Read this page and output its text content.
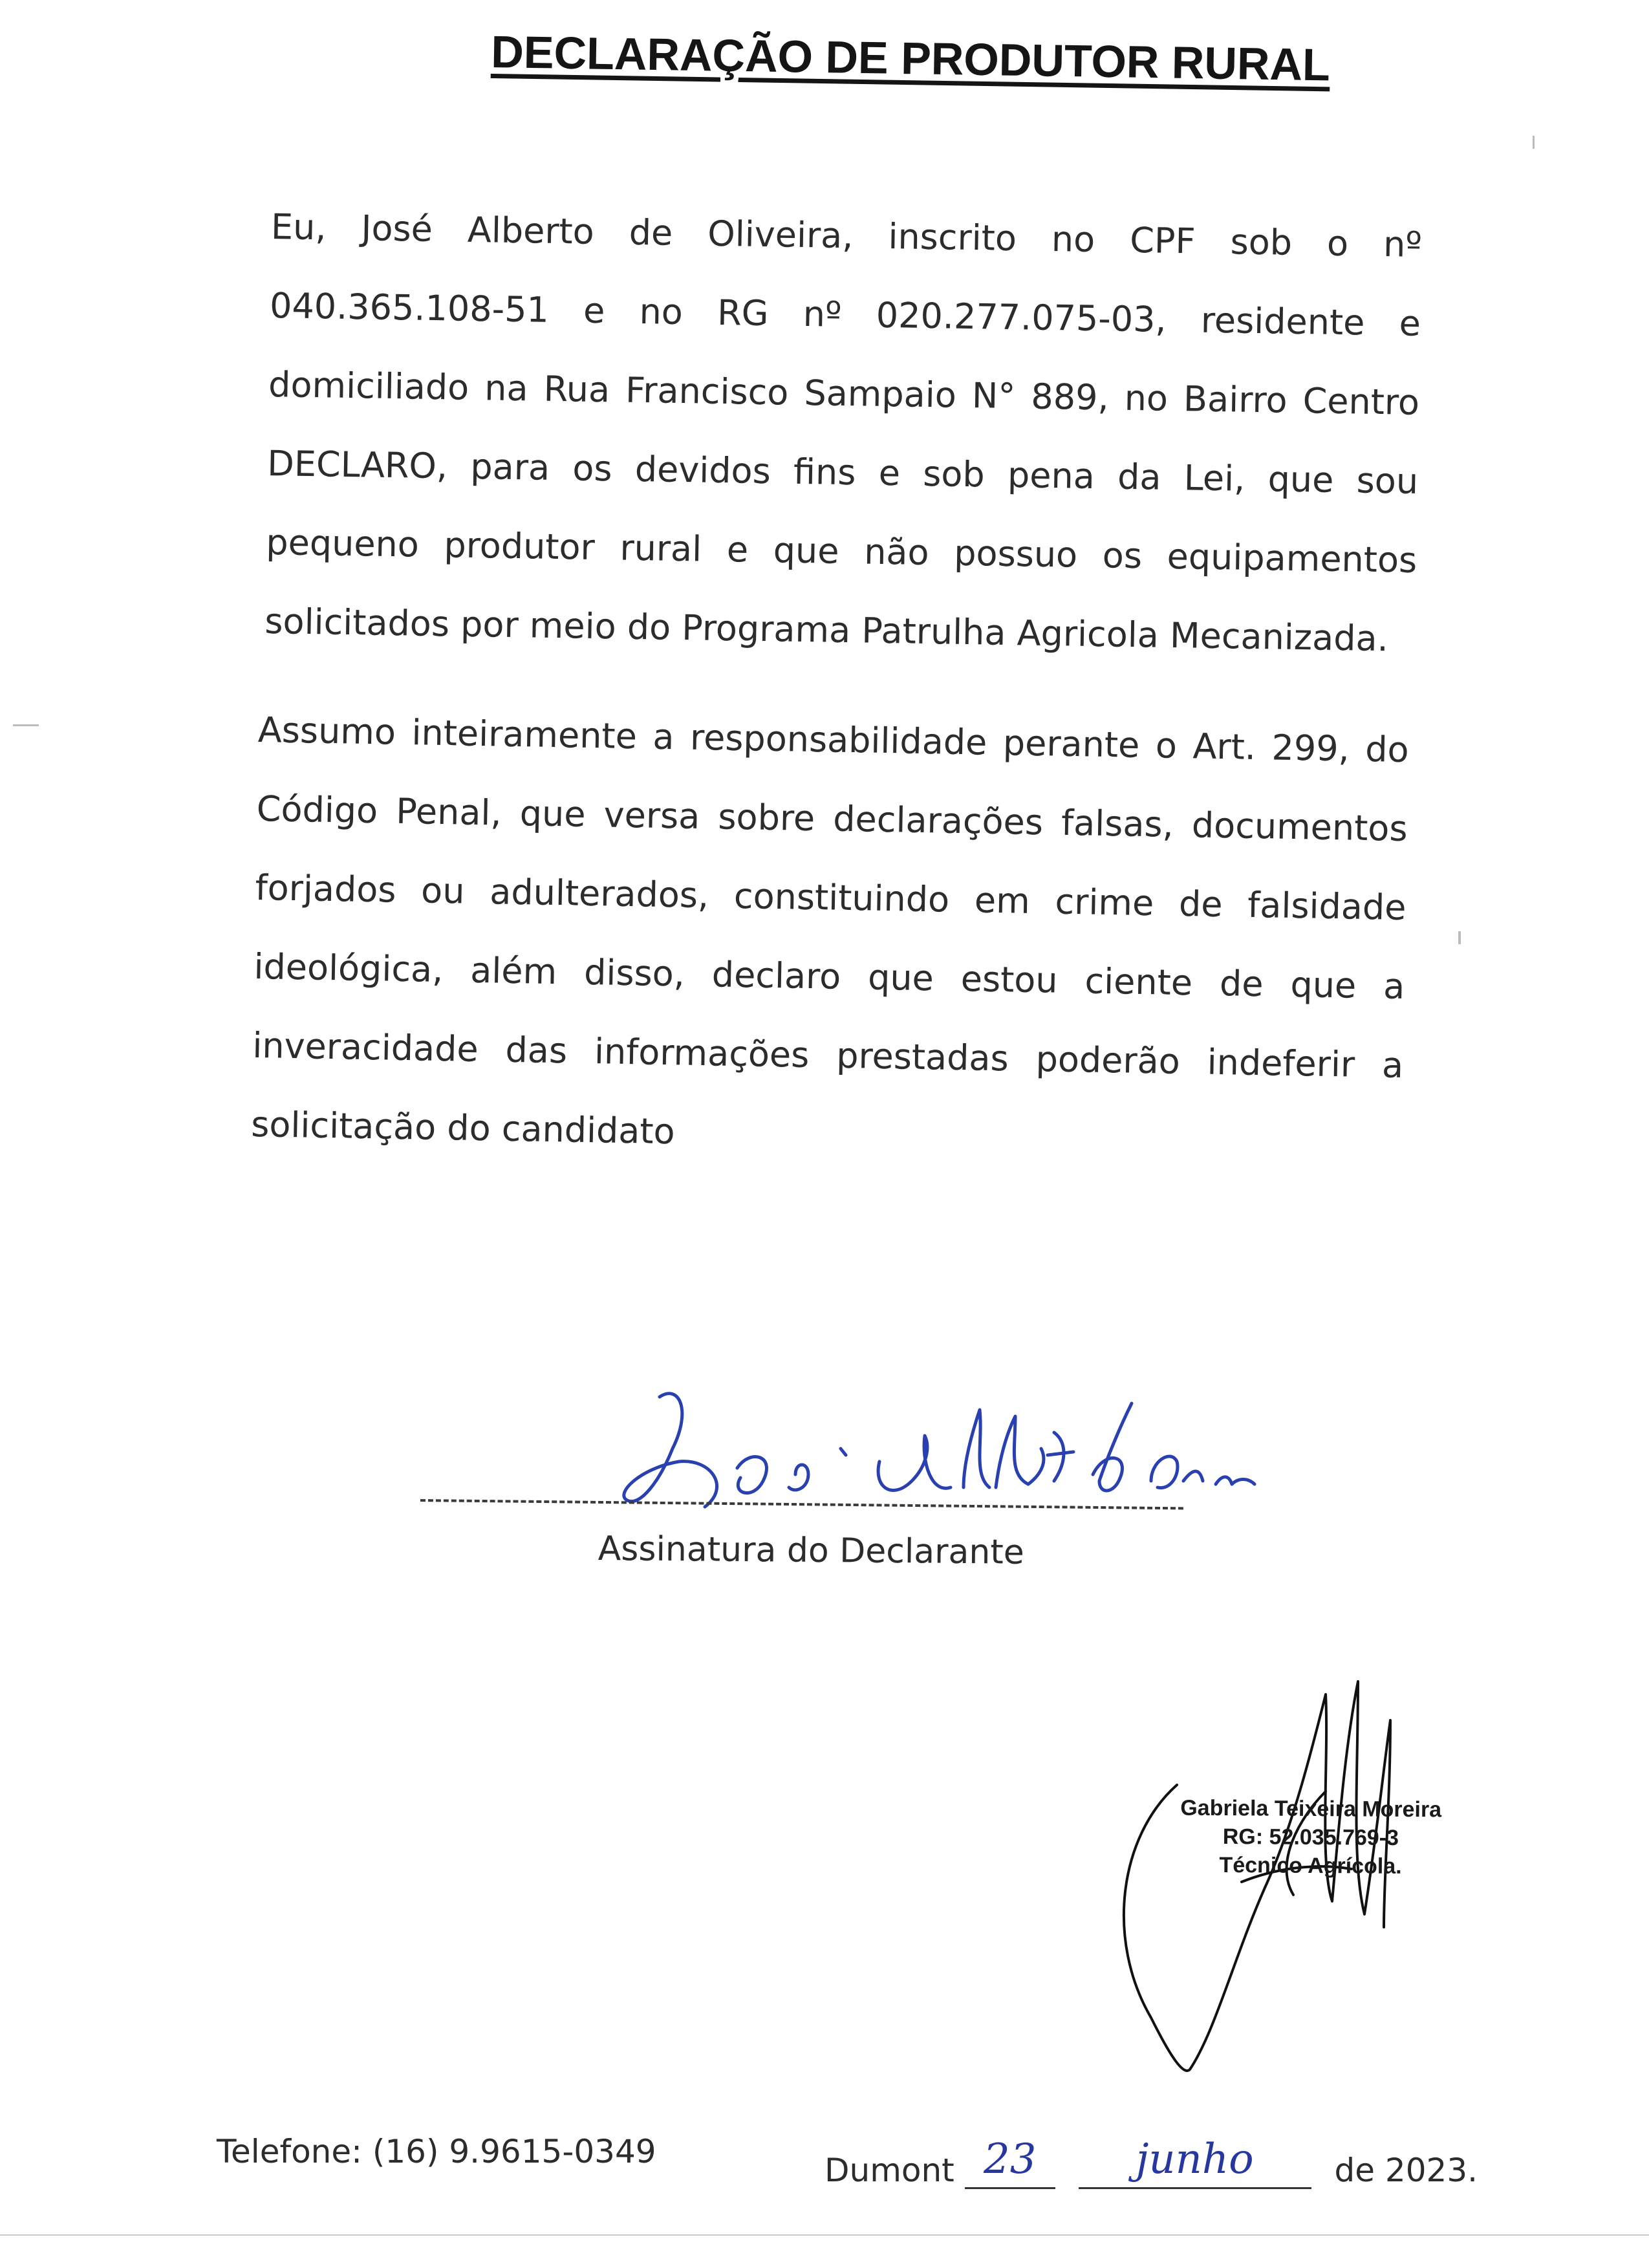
DECLARAÇÃO DE PRODUTOR RURAL
Eu, José Alberto de Oliveira, inscrito no CPF sob o nº 040.365.108-51 e no RG nº 020.277.075-03, residente e domiciliado na Rua Francisco Sampaio N° 889, no Bairro Centro DECLARO, para os devidos fins e sob pena da Lei, que sou pequeno produtor rural e que não possuo os equipamentos solicitados por meio do Programa Patrulha Agricola Mecanizada.
Assumo inteiramente a responsabilidade perante o Art. 299, do Código Penal, que versa sobre declarações falsas, documentos forjados ou adulterados, constituindo em crime de falsidade ideológica, além disso, declaro que estou ciente de que a inveracidade das informações prestadas poderão indeferir a solicitação do candidato
Assinatura do Declarante
Gabriela Teixeira Moreira
RG: 52.035.769-3
Técnico Agrícola.
Telefone: (16) 9.9615-0349	Dumont 23
	junho	de 2023.
